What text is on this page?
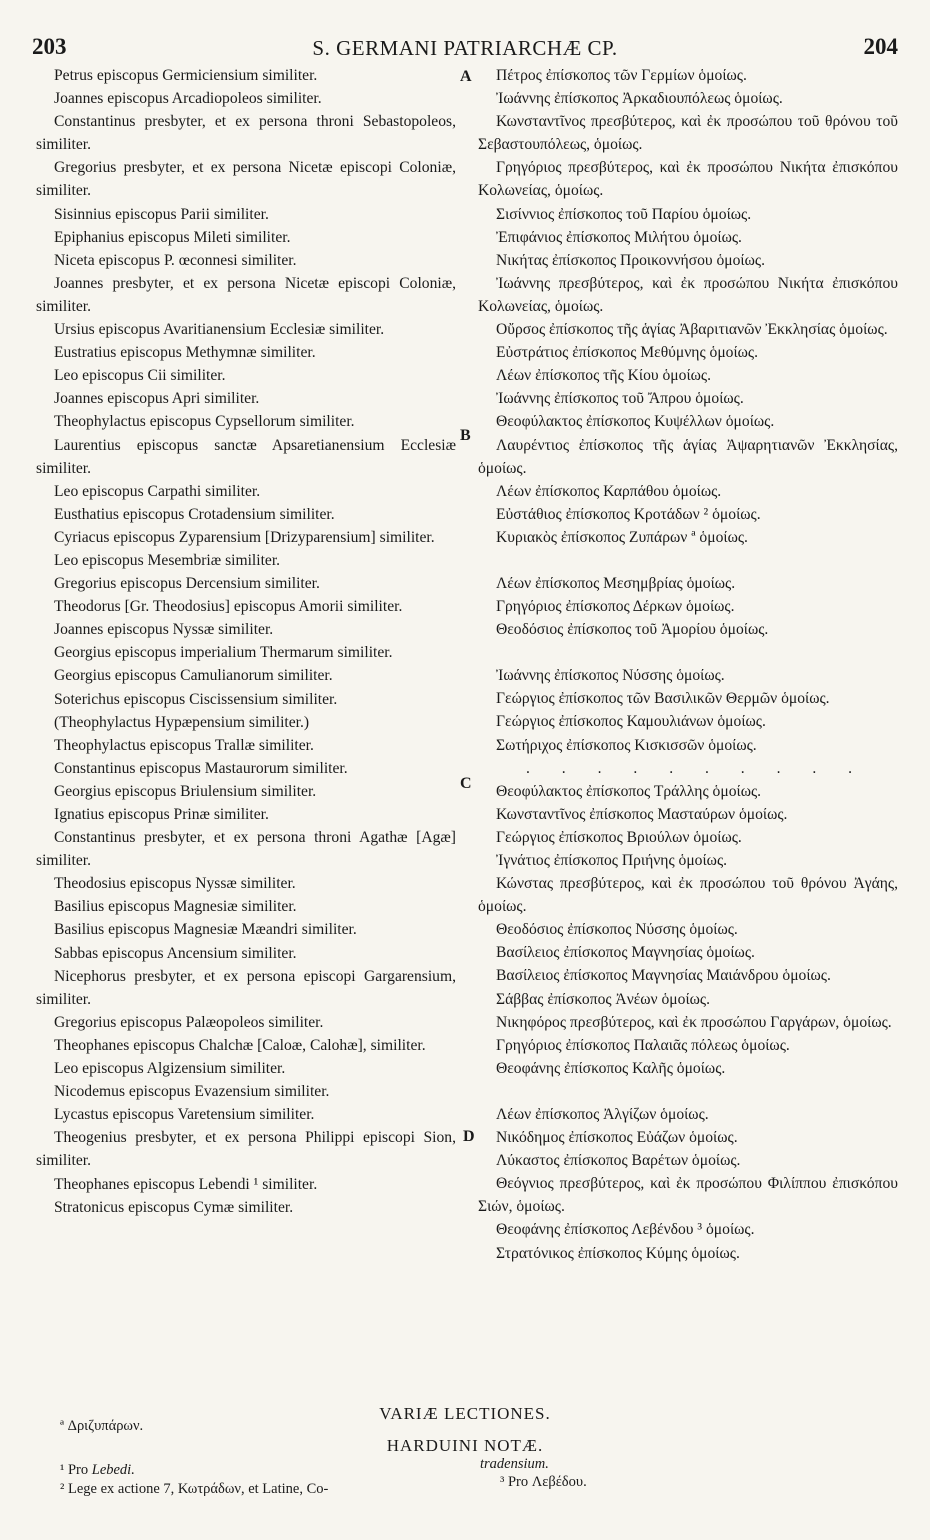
203	S. GERMANI PATRIARCHÆ CP.	204
A
B
C
D
Petrus episcopus Germiciensium similiter.
Joannes episcopus Arcadiopoleos similiter.
Constantinus presbyter, et ex persona throni Sebastopoleos, similiter.
Gregorius presbyter, et ex persona Nicetæ episcopi Coloniæ, similiter.
Sisinnius episcopus Parii similiter.
Epiphanius episcopus Mileti similiter.
Niceta episcopus P. œconnesi similiter.
Joannes presbyter, et ex persona Nicetæ episcopi Coloniæ, similiter.
Ursius episcopus Avaritianensium Ecclesiæ similiter.
Eustratius episcopus Methymnæ similiter.
Leo episcopus Cii similiter.
Joannes episcopus Apri similiter.
Theophylactus episcopus Cypsellorum similiter.
Laurentius episcopus sanctæ Apsaretianensium Ecclesiæ similiter.
Leo episcopus Carpathi similiter.
Eusthatius episcopus Crotadensium similiter.
Cyriacus episcopus Zyparensium [Drizyparensium] similiter.
Leo episcopus Mesembriæ similiter.
Gregorius episcopus Dercensium similiter.
Theodorus [Gr. Theodosius] episcopus Amorii similiter.
Joannes episcopus Nyssæ similiter.
Georgius episcopus imperialium Thermarum similiter.
Georgius episcopus Camulianorum similiter.
Soterichus episcopus Ciscissensium similiter.
(Theophylactus Hypæpensium similiter.)
Theophylactus episcopus Trallæ similiter.
Constantinus episcopus Mastaurorum similiter.
Georgius episcopus Briulensium similiter.
Ignatius episcopus Prinæ similiter.
Constantinus presbyter, et ex persona throni Agathæ [Agæ] similiter.
Theodosius episcopus Nyssæ similiter.
Basilius episcopus Magnesiæ similiter.
Basilius episcopus Magnesiæ Mæandri similiter.
Sabbas episcopus Ancensium similiter.
Nicephorus presbyter, et ex persona episcopi Gargarensium, similiter.
Gregorius episcopus Palæopoleos similiter.
Theophanes episcopus Chalchæ [Caloæ, Calohæ], similiter.
Leo episcopus Algizensium similiter.
Nicodemus episcopus Evazensium similiter.
Lycastus episcopus Varetensium similiter.
Theogenius presbyter, et ex persona Philippi episcopi Sion, similiter.
Theophanes episcopus Lebendi ¹ similiter.
Stratonicus episcopus Cymæ similiter.
Πέτρος ἐπίσκοπος τῶν Γερμίων ὁμοίως.
Ἰωάννης ἐπίσκοπος Ἀρκαδιουπόλεως ὁμοίως.
Κωνσταντῖνος πρεσβύτερος, καὶ ἐκ προσώπου τοῦ θρόνου τοῦ Σεβαστουπόλεως, ὁμοίως.
Γρηγόριος πρεσβύτερος, καὶ ἐκ προσώπου Νικήτα ἐπισκόπου Κολωνείας, ὁμοίως.
Σισίννιος ἐπίσκοπος τοῦ Παρίου ὁμοίως.
Ἐπιφάνιος ἐπίσκοπος Μιλήτου ὁμοίως.
Νικήτας ἐπίσκοπος Προικοννήσου ὁμοίως.
Ἰωάννης πρεσβύτερος, καὶ ἐκ προσώπου Νικήτα ἐπισκόπου Κολωνείας, ὁμοίως.
Οὔρσος ἐπίσκοπος τῆς ἁγίας Ἀβαριτιανῶν Ἐκκλησίας ὁμοίως.
Εὐστράτιος ἐπίσκοπος Μεθύμνης ὁμοίως.
Λέων ἐπίσκοπος τῆς Κίου ὁμοίως.
Ἰωάννης ἐπίσκοπος τοῦ Ἄπρου ὁμοίως.
Θεοφύλακτος ἐπίσκοπος Κυψέλλων ὁμοίως.
Λαυρέντιος ἐπίσκοπος τῆς ἁγίας Ἀψαρητιανῶν Ἐκκλησίας, ὁμοίως.
Λέων ἐπίσκοπος Καρπάθου ὁμοίως.
Εὐστάθιος ἐπίσκοπος Κροτάδων ² ὁμοίως.
Κυριακὸς ἐπίσκοπος Ζυπάρων ª ὁμοίως.
Λέων ἐπίσκοπος Μεσημβρίας ὁμοίως.
Γρηγόριος ἐπίσκοπος Δέρκων ὁμοίως.
Θεοδόσιος ἐπίσκοπος τοῦ Ἀμορίου ὁμοίως.
Ἰωάννης ἐπίσκοπος Νύσσης ὁμοίως.
Γεώργιος ἐπίσκοπος τῶν Βασιλικῶν Θερμῶν ὁμοίως.
Γεώργιος ἐπίσκοπος Καμουλιάνων ὁμοίως.
Σωτήριχος ἐπίσκοπος Κισκισσῶν ὁμοίως.
. . . . . . . . . .
Θεοφύλακτος ἐπίσκοπος Τράλλης ὁμοίως.
Κωνσταντῖνος ἐπίσκοπος Μασταύρων ὁμοίως.
Γεώργιος ἐπίσκοπος Βριούλων ὁμοίως.
Ἰγνάτιος ἐπίσκοπος Πριήνης ὁμοίως.
Κώνστας πρεσβύτερος, καὶ ἐκ προσώπου τοῦ θρόνου Ἀγάης, ὁμοίως.
Θεοδόσιος ἐπίσκοπος Νύσσης ὁμοίως.
Βασίλειος ἐπίσκοπος Μαγνησίας ὁμοίως.
Βασίλειος ἐπίσκοπος Μαγνησίας Μαιάνδρου ὁμοίως.
Σάββας ἐπίσκοπος Ἀνέων ὁμοίως.
Νικηφόρος πρεσβύτερος, καὶ ἐκ προσώπου Γαργάρων, ὁμοίως.
Γρηγόριος ἐπίσκοπος Παλαιᾶς πόλεως ὁμοίως.
Θεοφάνης ἐπίσκοπος Καλῆς ὁμοίως.
Λέων ἐπίσκοπος Ἀλγίζων ὁμοίως.
Νικόδημος ἐπίσκοπος Εὐάζων ὁμοίως.
Λύκαστος ἐπίσκοπος Βαρέτων ὁμοίως.
Θεόγνιος πρεσβύτερος, καὶ ἐκ προσώπου Φιλίππου ἐπισκόπου Σιών, ὁμοίως.
Θεοφάνης ἐπίσκοπος Λεβένδου ³ ὁμοίως.
Στρατόνικος ἐπίσκοπος Κύμης ὁμοίως.
VARIÆ LECTIONES.
ª Δριζυπάρων.
HARDUINI NOTÆ.
¹ Pro Lebedi.
² Lege ex actione 7, Κωτράδων, et Latine, Co-
tradensium.
³ Pro Λεβέδου.
